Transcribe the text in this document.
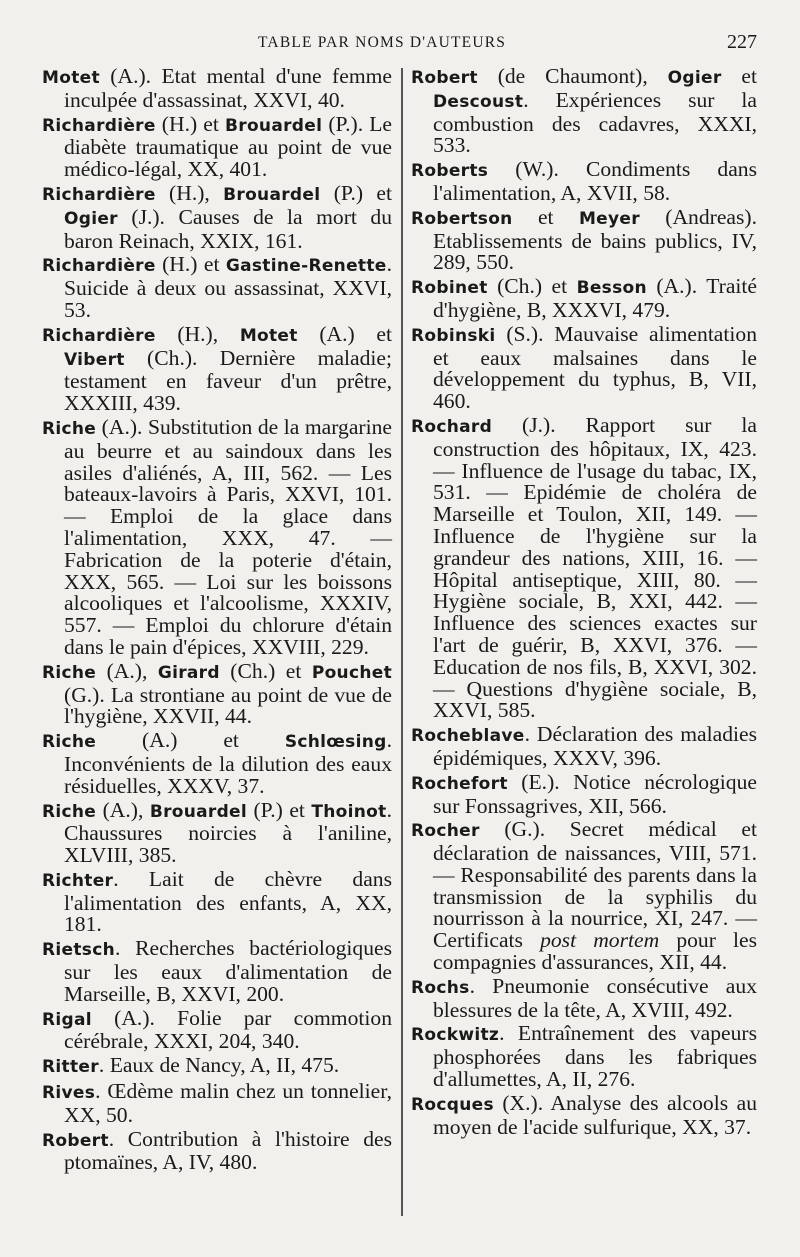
TABLE PAR NOMS D'AUTEURS	227

Motet (A.). Etat mental d'une femme inculpée d'assassinat, XXVI, 40.

Richardière (H.) et Brouardel (P.). Le diabète traumatique au point de vue médico-légal, XX, 401.

Richardière (H.), Brouardel (P.) et Ogier (J.). Causes de la mort du baron Reinach, XXIX, 161.

Richardière (H.) et Gastine-Renette. Suicide à deux ou assassinat, XXVI, 53.

Richardière (H.), Motet (A.) et Vibert (Ch.). Dernière maladie; testament en faveur d'un prêtre, XXXIII, 439.

Riche (A.). Substitution de la margarine au beurre et au saindoux dans les asiles d'aliénés, A, III, 562. — Les bateaux-lavoirs à Paris, XXVI, 101. — Emploi de la glace dans l'alimentation, XXX, 47. — Fabrication de la poterie d'étain, XXX, 565. — Loi sur les boissons alcooliques et l'alcoolisme, XXXIV, 557. — Emploi du chlorure d'étain dans le pain d'épices, XXVIII, 229.

Riche (A.), Girard (Ch.) et Pouchet (G.). La strontiane au point de vue de l'hygiène, XXVII, 44.

Riche (A.) et Schlœsing. Inconvénients de la dilution des eaux résiduelles, XXXV, 37.

Riche (A.), Brouardel (P.) et Thoinot. Chaussures noircies à l'aniline, XLVIII, 385.

Richter. Lait de chèvre dans l'alimentation des enfants, A, XX, 181.

Rietsch. Recherches bactériologiques sur les eaux d'alimentation de Marseille, B, XXVI, 200.

Rigal (A.). Folie par commotion cérébrale, XXXI, 204, 340.

Ritter. Eaux de Nancy, A, II, 475.

Rives. Œdème malin chez un tonnelier, XX, 50.

Robert. Contribution à l'histoire des ptomaïnes, A, IV, 480.

Robert (de Chaumont), Ogier et Descoust. Expériences sur la combustion des cadavres, XXXI, 533.

Roberts (W.). Condiments dans l'alimentation, A, XVII, 58.

Robertson et Meyer (Andreas). Etablissements de bains publics, IV, 289, 550.

Robinet (Ch.) et Besson (A.). Traité d'hygiène, B, XXXVI, 479.

Robinski (S.). Mauvaise alimentation et eaux malsaines dans le développement du typhus, B, VII, 460.

Rochard (J.). Rapport sur la construction des hôpitaux, IX, 423. — Influence de l'usage du tabac, IX, 531. — Epidémie de choléra de Marseille et Toulon, XII, 149. — Influence de l'hygiène sur la grandeur des nations, XIII, 16. — Hôpital antiseptique, XIII, 80. — Hygiène sociale, B, XXI, 442. — Influence des sciences exactes sur l'art de guérir, B, XXVI, 376. — Education de nos fils, B, XXVI, 302. — Questions d'hygiène sociale, B, XXVI, 585.

Rocheblave. Déclaration des maladies épidémiques, XXXV, 396.

Rochefort (E.). Notice nécrologique sur Fonssagrives, XII, 566.

Rocher (G.). Secret médical et déclaration de naissances, VIII, 571. — Responsabilité des parents dans la transmission de la syphilis du nourrisson à la nourrice, XI, 247. — Certificats post mortem pour les compagnies d'assurances, XII, 44.

Rochs. Pneumonie consécutive aux blessures de la tête, A, XVIII, 492.

Rockwitz. Entraînement des vapeurs phosphorées dans les fabriques d'allumettes, A, II, 276.

Rocques (X.). Analyse des alcools au moyen de l'acide sulfurique, XX, 37.
